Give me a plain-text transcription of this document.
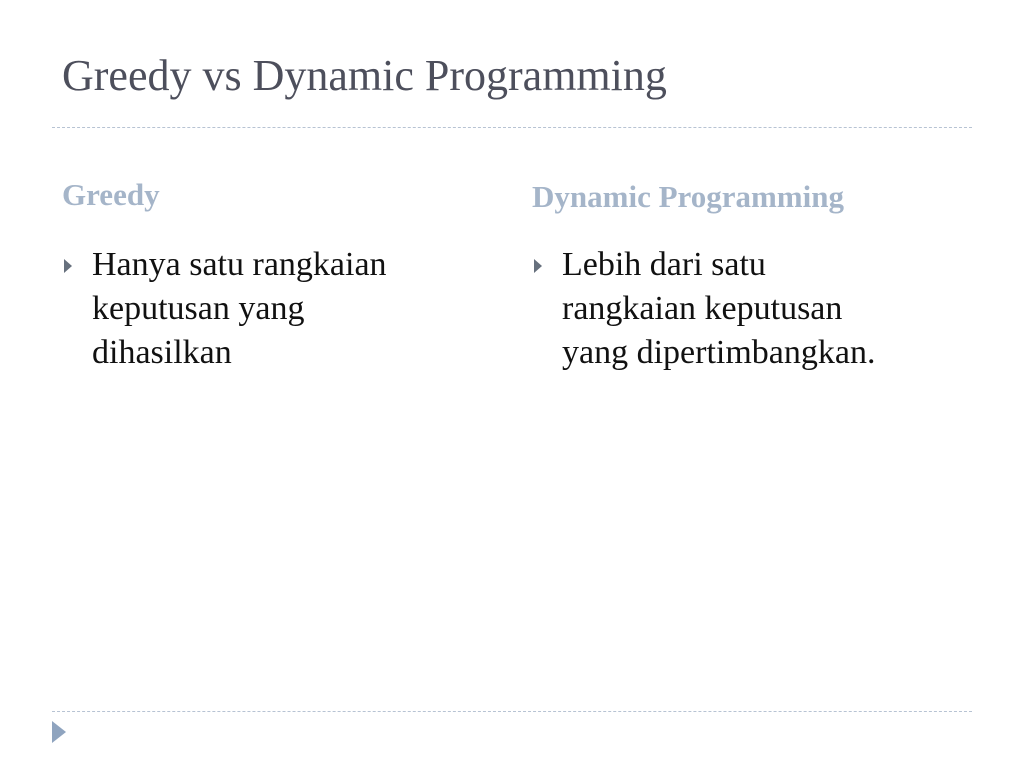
Greedy vs Dynamic Programming
Greedy
Hanya satu rangkaian
keputusan yang
dihasilkan
Dynamic Programming
Lebih dari satu
rangkaian keputusan
yang dipertimbangkan.
